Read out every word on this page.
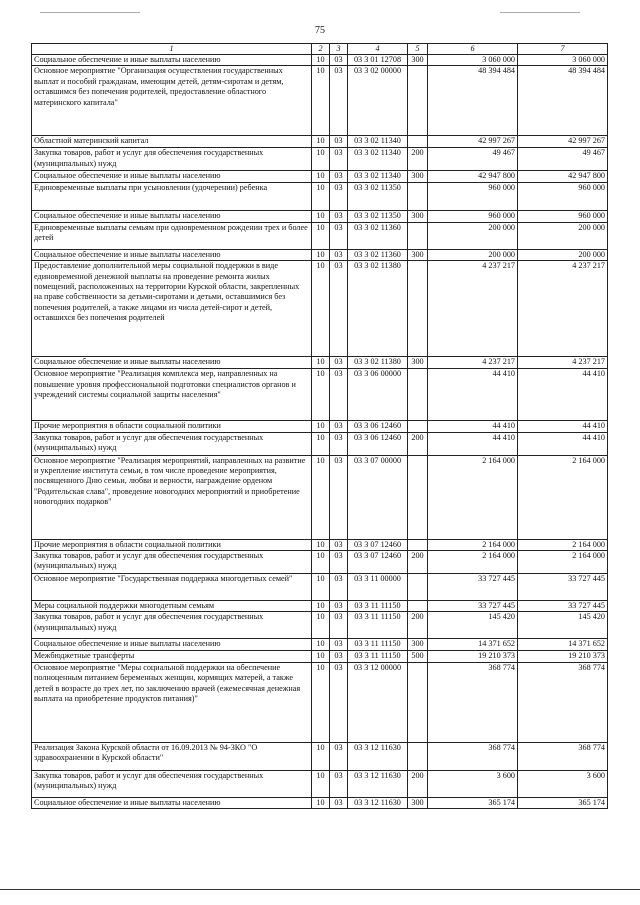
75
1	2	3	4	5	6	7
Социальное обеспечение и иные выплаты населению	10	03	03 3 01 12708	300	3 060 000	3 060 000
Основное мероприятие "Организация осуществления государственных выплат и пособий гражданам, имеющим детей, детям-сиротам и детям, оставшимся без попечения родителей, предоставление областного материнского капитала"	10	03	03 3 02 00000		48 394 484	48 394 484
Областной материнский капитал	10	03	03 3 02 11340		42 997 267	42 997 267
Закупка товаров, работ и услуг для обеспечения государственных (муниципальных) нужд	10	03	03 3 02 11340	200	49 467	49 467
Социальное обеспечение и иные выплаты населению	10	03	03 3 02 11340	300	42 947 800	42 947 800
Единовременные выплаты при усыновлении (удочерении) ребенка	10	03	03 3 02 11350		960 000	960 000
Социальное обеспечение и иные выплаты населению	10	03	03 3 02 11350	300	960 000	960 000
Единовременные выплаты семьям при одновременном рождении трех и более детей	10	03	03 3 02 11360		200 000	200 000
Социальное обеспечение и иные выплаты населению	10	03	03 3 02 11360	300	200 000	200 000
Предоставление дополнительной меры социальной поддержки в виде единовременной денежной выплаты на проведение ремонта жилых помещений, расположенных на территории Курской области, закрепленных на праве собственности за детьми-сиротами и детьми, оставшимися без попечения родителей, а также лицами из числа детей-сирот и детей, оставшихся без попечения родителей	10	03	03 3 02 11380		4 237 217	4 237 217
Социальное обеспечение и иные выплаты населению	10	03	03 3 02 11380	300	4 237 217	4 237 217
Основное мероприятие "Реализация комплекса мер, направленных на повышение уровня профессиональной подготовки специалистов органов и учреждений системы социальной защиты населения"	10	03	03 3 06 00000		44 410	44 410
Прочие мероприятия в области социальной политики	10	03	03 3 06 12460		44 410	44 410
Закупка товаров, работ и услуг для обеспечения государственных (муниципальных) нужд	10	03	03 3 06 12460	200	44 410	44 410
Основное мероприятие "Реализация мероприятий, направленных на развитие и укрепление института семьи, в том числе проведение мероприятия, посвященного Дню семьи, любви и верности, награждение орденом "Родительская слава", проведение новогодних мероприятий и приобретение новогодних подарков"	10	03	03 3 07 00000		2 164 000	2 164 000
Прочие мероприятия в области социальной политики	10	03	03 3 07 12460		2 164 000	2 164 000
Закупка товаров, работ и услуг для обеспечения государственных (муниципальных) нужд	10	03	03 3 07 12460	200	2 164 000	2 164 000
Основное мероприятие "Государственная поддержка многодетных семей"	10	03	03 3 11 00000		33 727 445	33 727 445
Меры социальной поддержки многодетным семьям	10	03	03 3 11 11150		33 727 445	33 727 445
Закупка товаров, работ и услуг для обеспечения государственных (муниципальных) нужд	10	03	03 3 11 11150	200	145 420	145 420
Социальное обеспечение и иные выплаты населению	10	03	03 3 11 11150	300	14 371 652	14 371 652
Межбюджетные трансферты	10	03	03 3 11 11150	500	19 210 373	19 210 373
Основное мероприятие "Меры социальной поддержки на обеспечение полноценным питанием беременных женщин, кормящих матерей, а также детей в возрасте до трех лет, по заключению врачей (ежемесячная денежная выплата на приобретение продуктов питания)"	10	03	03 3 12 00000		368 774	368 774
Реализация Закона Курской области от 16.09.2013 № 94-ЗКО "О здравоохранении в Курской области"	10	03	03 3 12 11630		368 774	368 774
Закупка товаров, работ и услуг для обеспечения государственных (муниципальных) нужд	10	03	03 3 12 11630	200	3 600	3 600
Социальное обеспечение и иные выплаты населению	10	03	03 3 12 11630	300	365 174	365 174
